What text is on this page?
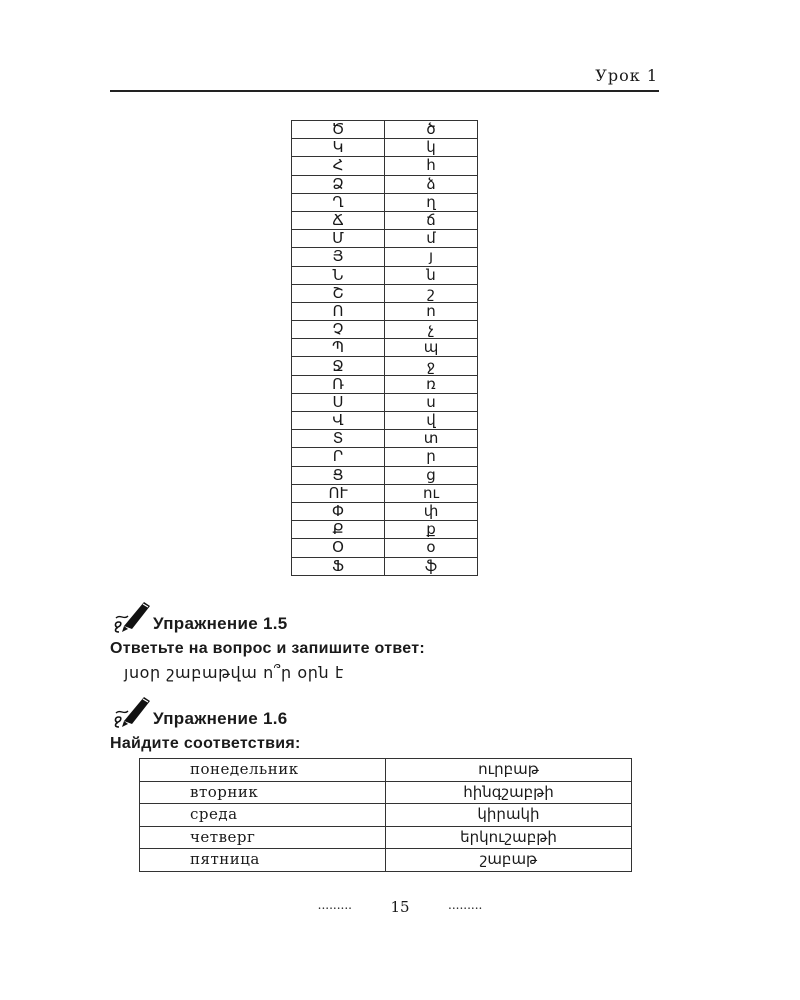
Урок 1
Ծ	ծ
Կ	կ
Հ	հ
Ձ	ձ
Ղ	ղ
Ճ	ճ
Մ	մ
Յ	յ
Ն	ն
Շ	շ
Ո	ո
Չ	չ
Պ	պ
Ջ	ջ
Ռ	ռ
Ս	ս
Վ	վ
Տ	տ
Ր	ր
Ց	ց
ՈՒ	ու
Փ	փ
Ք	ք
Օ	օ
Ֆ	ֆ
Упражнение 1.5
Ответьте на вопрос и запишите ответ:
յսօր շաբաթվա ո՞ր օրն է
Упражнение 1.6
Найдите соответствия:
понедельник	ուրբաթ
вторник	հինգշաբթի
среда	կիրակի
четверг	երկուշաբթի
пятница	շաբաթ
.........	15	.........
